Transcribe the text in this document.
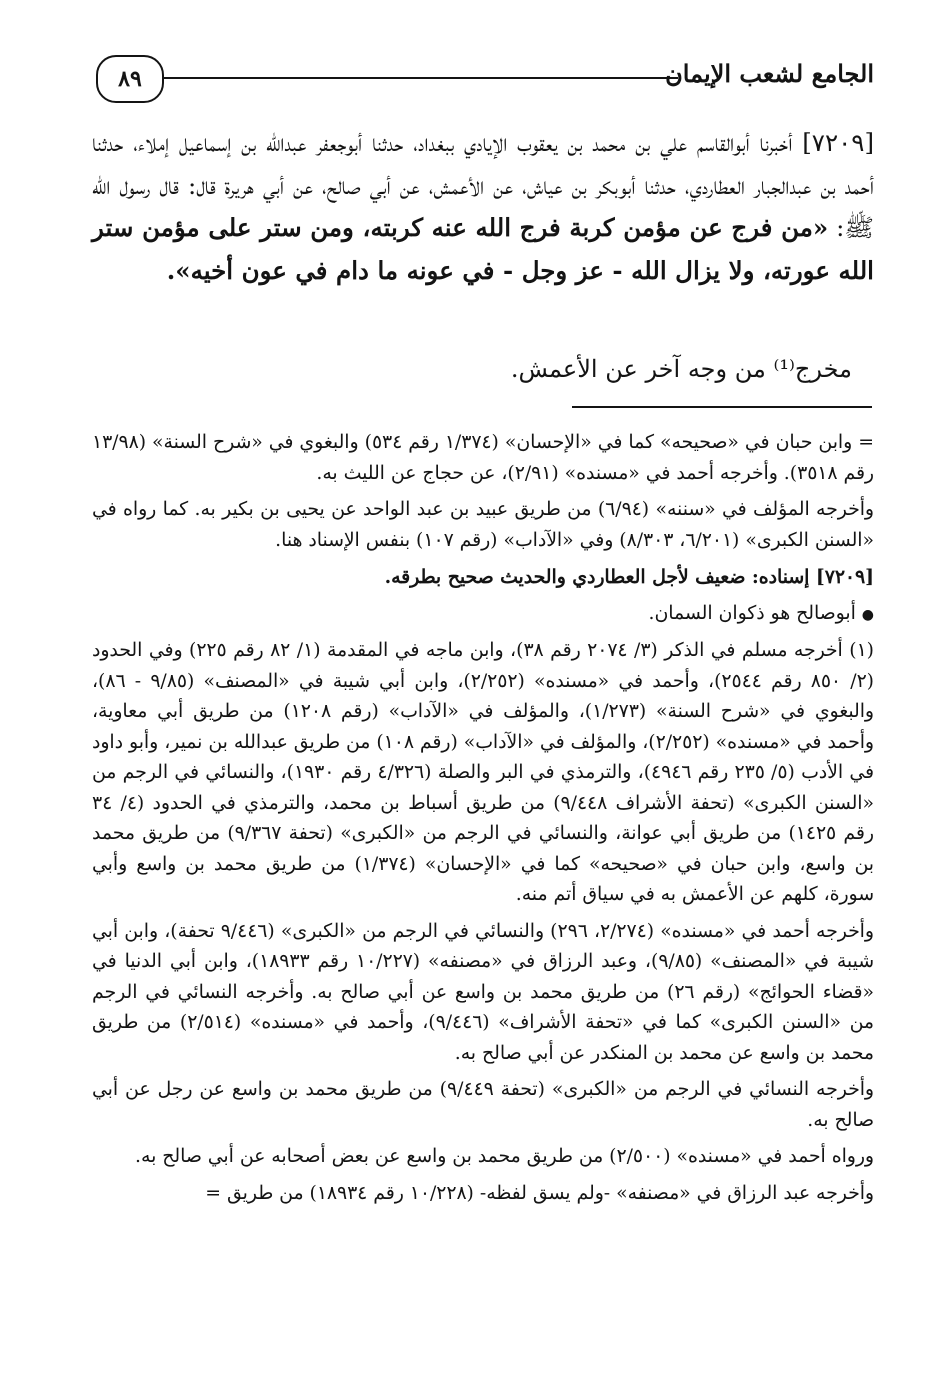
الجامع لشعب الإيمان
٨٩

[٧٢٠٩] أخبرنا أبوالقاسم علي بن محمد بن يعقوب الإيادي ببغداد، حدثنا أبوجعفر عبدالله بن إسماعيل إملاء، حدثنا أحمد بن عبدالجبار العطاردي، حدثنا أبوبكر بن عياش، عن الأعمش، عن أبي صالح، عن أبي هريرة قال: قال رسول الله ﷺ: «من فرج عن مؤمن كربة فرج الله عنه كربته، ومن ستر على مؤمن ستر الله عورته، ولا يزال الله - عز وجل - في عونه ما دام في عون أخيه».

مخرج⁽¹⁾ من وجه آخر عن الأعمش.

= وابن حبان في «صحيحه» كما في «الإحسان» (١/٣٧٤ رقم ٥٣٤) والبغوي في «شرح السنة» (١٣/٩٨ رقم ٣٥١٨). وأخرجه أحمد في «مسنده» (٢/٩١)، عن حجاج عن الليث به.

وأخرجه المؤلف في «سننه» (٦/٩٤) من طريق عبيد بن عبد الواحد عن يحيى بن بكير به. كما رواه في «السنن الكبرى» (٦/٢٠١، ٨/٣٠٣) وفي «الآداب» (رقم ١٠٧) بنفس الإسناد هنا.

[٧٢٠٩] إسناده: ضعيف لأجل العطاردي والحديث صحيح بطرقه.

● أبوصالح هو ذكوان السمان.

(١) أخرجه مسلم في الذكر (٣/ ٢٠٧٤ رقم ٣٨)، وابن ماجه في المقدمة (١/ ٨٢ رقم ٢٢٥) وفي الحدود (٢/ ٨٥٠ رقم ٢٥٤٤)، وأحمد في «مسنده» (٢/٢٥٢)، وابن أبي شيبة في «المصنف» (٩/٨٥ - ٨٦)، والبغوي في «شرح السنة» (١/٢٧٣)، والمؤلف في «الآداب» (رقم ١٢٠٨) من طريق أبي معاوية، وأحمد في «مسنده» (٢/٢٥٢)، والمؤلف في «الآداب» (رقم ١٠٨) من طريق عبدالله بن نمير، وأبو داود في الأدب (٥/ ٢٣٥ رقم ٤٩٤٦)، والترمذي في البر والصلة (٤/٣٢٦ رقم ١٩٣٠)، والنسائي في الرجم من «السنن الكبرى» (تحفة الأشراف ٩/٤٤٨) من طريق أسباط بن محمد، والترمذي في الحدود (٤/ ٣٤ رقم ١٤٢٥) من طريق أبي عوانة، والنسائي في الرجم من «الكبرى» (تحفة ٩/٣٦٧) من طريق محمد بن واسع، وابن حبان في «صحيحه» كما في «الإحسان» (١/٣٧٤) من طريق محمد بن واسع وأبي سورة، كلهم عن الأعمش به في سياق أتم منه.

وأخرجه أحمد في «مسنده» (٢/٢٧٤، ٢٩٦) والنسائي في الرجم من «الكبرى» (٩/٤٤٦ تحفة)، وابن أبي شيبة في «المصنف» (٩/٨٥)، وعبد الرزاق في «مصنفه» (١٠/٢٢٧ رقم ١٨٩٣٣)، وابن أبي الدنيا في «قضاء الحوائج» (رقم ٢٦) من طريق محمد بن واسع عن أبي صالح به. وأخرجه النسائي في الرجم من «السنن الكبرى» كما في «تحفة الأشراف» (٩/٤٤٦)، وأحمد في «مسنده» (٢/٥١٤) من طريق محمد بن واسع عن محمد بن المنكدر عن أبي صالح به.

وأخرجه النسائي في الرجم من «الكبرى» (تحفة ٩/٤٤٩) من طريق محمد بن واسع عن رجل عن أبي صالح به.

ورواه أحمد في «مسنده» (٢/٥٠٠) من طريق محمد بن واسع عن بعض أصحابه عن أبي صالح به.

وأخرجه عبد الرزاق في «مصنفه» -ولم يسق لفظه- (١٠/٢٢٨ رقم ١٨٩٣٤) من طريق =
